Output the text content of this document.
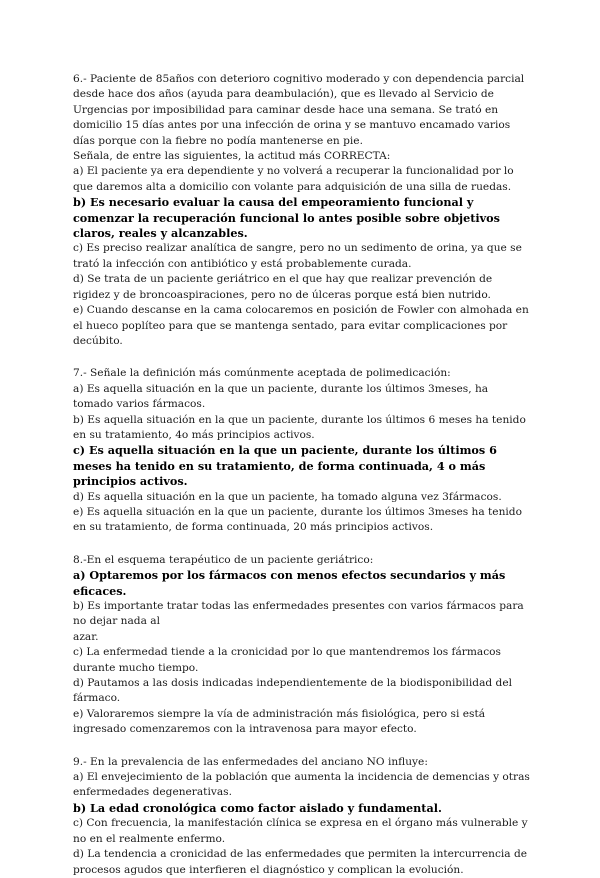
6.- Paciente de 85años con deterioro cognitivo moderado y con dependencia parcial desde hace dos años (ayuda para deambulación), que es llevado al Servicio de Urgencias por imposibilidad para caminar desde hace una semana. Se trató en domicilio 15 días antes por una infección de orina y se mantuvo encamado varios días porque con la fiebre no podía mantenerse en pie.

Señala, de entre las siguientes, la actitud más CORRECTA:

a) El paciente ya era dependiente y no volverá a recuperar la funcionalidad por lo que daremos alta a domicilio con volante para adquisición de una silla de ruedas.

b) Es necesario evaluar la causa del empeoramiento funcional y comenzar la recuperación funcional lo antes posible sobre objetivos claros, reales y alcanzables.

c) Es preciso realizar analítica de sangre, pero no un sedimento de orina, ya que se trató la infección con antibiótico y está probablemente curada.

d) Se trata de un paciente geriátrico en el que hay que realizar prevención de rigidez y de broncoaspiraciones, pero no de úlceras porque está bien nutrido.

e) Cuando descanse en la cama colocaremos en posición de Fowler con almohada en el hueco poplíteo para que se mantenga sentado, para evitar complicaciones por decúbito.

7.- Señale la definición más comúnmente aceptada de polimedicación:

a) Es aquella situación en la que un paciente, durante los últimos 3meses, ha tomado varios fármacos.

b) Es aquella situación en la que un paciente, durante los últimos 6 meses ha tenido en su tratamiento, 4o más principios activos.

c) Es aquella situación en la que un paciente, durante los últimos 6 meses ha tenido en su tratamiento, de forma continuada, 4 o más principios activos.

d) Es aquella situación en la que un paciente, ha tomado alguna vez 3fármacos.

e) Es aquella situación en la que un paciente, durante los últimos 3meses ha tenido en su tratamiento, de forma continuada, 20 más principios activos.

8.-En el esquema terapéutico de un paciente geriátrico:

a) Optaremos por los fármacos con menos efectos secundarios y más eficaces.

b) Es importante tratar todas las enfermedades presentes con varios fármacos para no dejar nada al
azar.

c) La enfermedad tiende a la cronicidad por lo que mantendremos los fármacos durante mucho tiempo.

d) Pautamos a las dosis indicadas independientemente de la biodisponibilidad del fármaco.

e) Valoraremos siempre la vía de administración más fisiológica, pero si está ingresado comenzaremos con la intravenosa para mayor efecto.

9.- En la prevalencia de las enfermedades del anciano NO influye:

a) El envejecimiento de la población que aumenta la incidencia de demencias y otras enfermedades degenerativas.

b) La edad cronológica como factor aislado y fundamental.

c) Con frecuencia, la manifestación clínica se expresa en el órgano más vulnerable y no en el realmente enfermo.

d) La tendencia a cronicidad de las enfermedades que permiten la intercurrencia de procesos agudos que interfieren el diagnóstico y complican la evolución.
